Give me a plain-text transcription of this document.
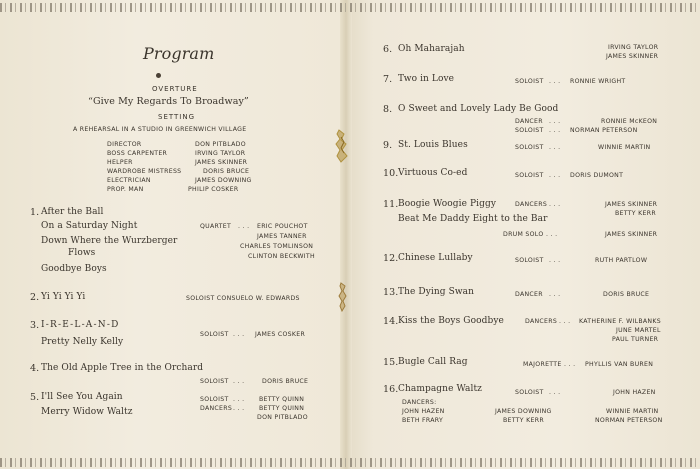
Program
OVERTURE
“Give My Regards To Broadway”
SETTING
A REHEARSAL IN A STUDIO IN GREENWICH VILLAGE
DIRECTOR	DON PITBLADO
BOSS CARPENTER	IRVING TAYLOR
HELPER	JAMES SKINNER
WARDROBE MISTRESS	DORIS BRUCE
ELECTRICIAN	JAMES DOWNING
PROP. MAN	PHILIP COSKER
1. After the Ball
On a Saturday Night
Down Where the Wurzberger
Flows
Goodbye Boys
QUARTET . . . ERIC POUCHOT
JAMES TANNER
CHARLES TOMLINSON
CLINTON BECKWITH
2. Yi Yi Yi Yi	SOLOIST CONSUELO W. EDWARDS
3. I-R-E-L-A-N-D
Pretty Nelly Kelly
SOLOIST . . . JAMES COSKER
4. The Old Apple Tree in the Orchard
SOLOIST . . .	DORIS BRUCE
5. I'll See You Again
Merry Widow Waltz
SOLOIST . . . BETTY QUINN
DANCERS . . . BETTY QUINN
DON PITBLADO
6. Oh Maharajah	IRVING TAYLOR
JAMES SKINNER
7. Two in Love	SOLOIST . . . RONNIE WRIGHT
8. O Sweet and Lovely Lady Be Good
DANCER . . .	RONNIE McKEON
SOLOIST . . . NORMAN PETERSON
9. St. Louis Blues	SOLOIST . . .	WINNIE MARTIN
10. Virtuous Co-ed	SOLOIST . . . DORIS DUMONT
11. Boogie Woogie Piggy
Beat Me Daddy Eight to the Bar
DANCERS . . .	JAMES SKINNER
BETTY KERR
DRUM SOLO . . .	JAMES SKINNER
12. Chinese Lullaby	SOLOIST . . .	RUTH PARTLOW
13. The Dying Swan	DANCER . . .	DORIS BRUCE
14. Kiss the Boys Goodbye	DANCERS . . . KATHERINE F. WILBANKS
JUNE MARTEL
PAUL TURNER
15. Bugle Call Rag	MAJORETTE . . . PHYLLIS VAN BUREN
16. Champagne Waltz	SOLOIST . . .	JOHN HAZEN
DANCERS:
JOHN HAZEN	JAMES DOWNING	WINNIE MARTIN
BETH FRARY	BETTY KERR	NORMAN PETERSON
